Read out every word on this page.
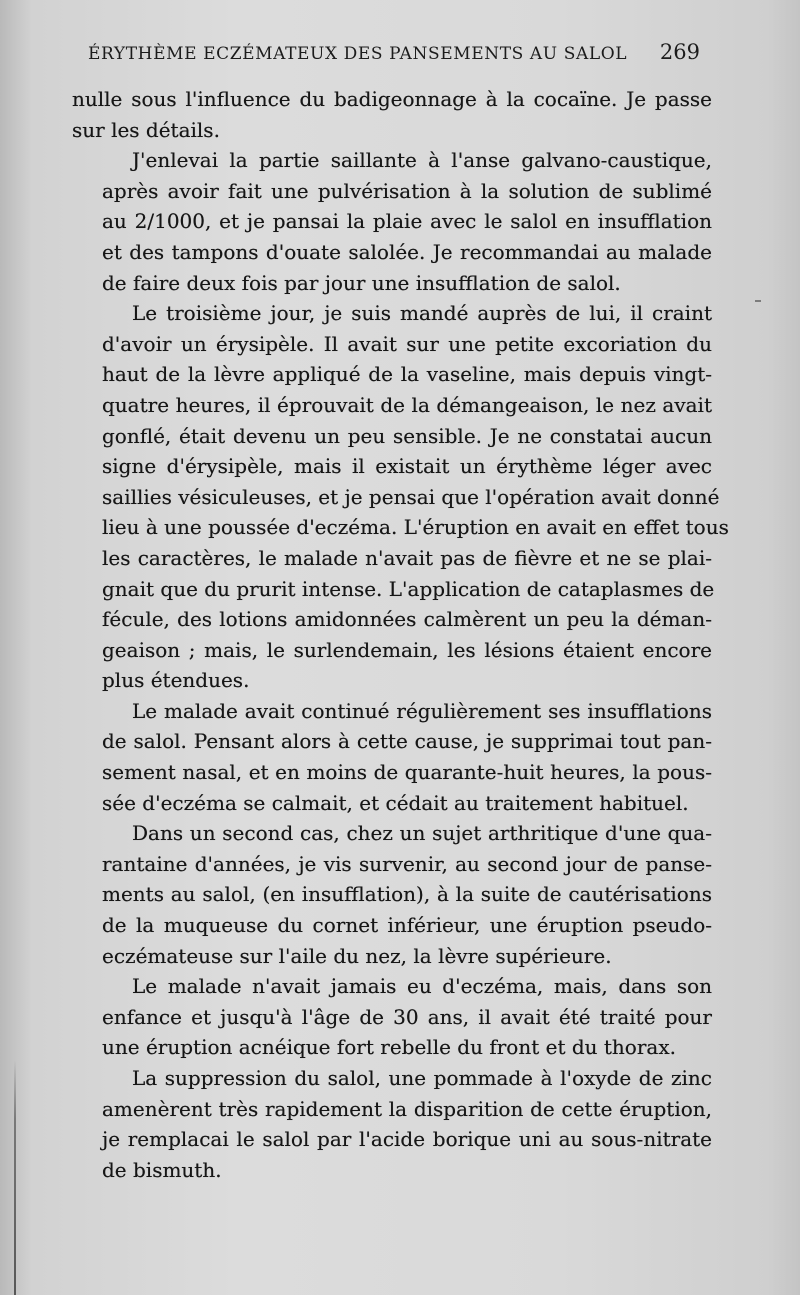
ÉRYTHÈME ECZÉMATEUX DES PANSEMENTS AU SALOL 269
nulle sous l'influence du badigeonnage à la cocaïne. Je passe
sur les détails.
J'enlevai la partie saillante à l'anse galvano-caustique,
après avoir fait une pulvérisation à la solution de sublimé
au 2/1000, et je pansai la plaie avec le salol en insufflation
et des tampons d'ouate salolée. Je recommandai au malade
de faire deux fois par jour une insufflation de salol.
Le troisième jour, je suis mandé auprès de lui, il craint
d'avoir un érysipèle. Il avait sur une petite excoriation du
haut de la lèvre appliqué de la vaseline, mais depuis vingt-
quatre heures, il éprouvait de la démangeaison, le nez avait
gonflé, était devenu un peu sensible. Je ne constatai aucun
signe d'érysipèle, mais il existait un érythème léger avec
saillies vésiculeuses, et je pensai que l'opération avait donné
lieu à une poussée d'eczéma. L'éruption en avait en effet tous
les caractères, le malade n'avait pas de fièvre et ne se plai-
gnait que du prurit intense. L'application de cataplasmes de
fécule, des lotions amidonnées calmèrent un peu la déman-
geaison ; mais, le surlendemain, les lésions étaient encore
plus étendues.
Le malade avait continué régulièrement ses insufflations
de salol. Pensant alors à cette cause, je supprimai tout pan-
sement nasal, et en moins de quarante-huit heures, la pous-
sée d'eczéma se calmait, et cédait au traitement habituel.
Dans un second cas, chez un sujet arthritique d'une qua-
rantaine d'années, je vis survenir, au second jour de panse-
ments au salol, (en insufflation), à la suite de cautérisations
de la muqueuse du cornet inférieur, une éruption pseudo-
eczémateuse sur l'aile du nez, la lèvre supérieure.
Le malade n'avait jamais eu d'eczéma, mais, dans son
enfance et jusqu'à l'âge de 30 ans, il avait été traité pour
une éruption acnéique fort rebelle du front et du thorax.
La suppression du salol, une pommade à l'oxyde de zinc
amenèrent très rapidement la disparition de cette éruption,
je remplacai le salol par l'acide borique uni au sous-nitrate
de bismuth.
